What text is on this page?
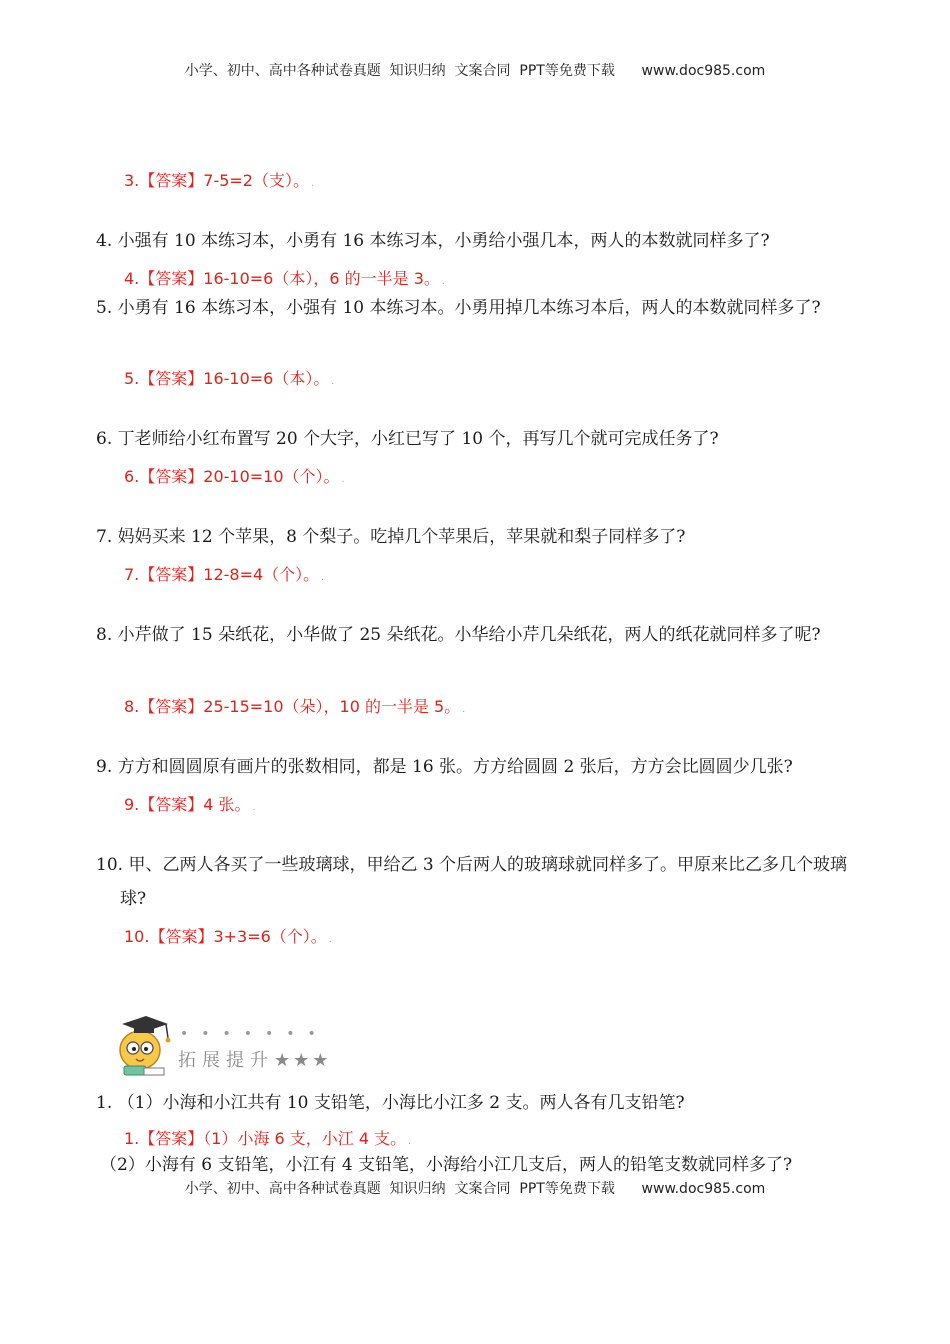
小学、初中、高中各种试卷真题  知识归纳  文案合同  PPT等免费下载      www.doc985.com
3.【答案】7-5=2（支）。 .

4. 小强有 10 本练习本，小勇有 16 本练习本，小勇给小强几本，两人的本数就同样多了?

4.【答案】16-10=6（本），6 的一半是 3。 .

5. 小勇有 16 本练习本，小强有 10 本练习本。小勇用掉几本练习本后，两人的本数就同样多了?

5.【答案】16-10=6（本）。 .

6. 丁老师给小红布置写 20 个大字，小红已写了 10 个，再写几个就可完成任务了?

6.【答案】20-10=10（个）。 .

7. 妈妈买来 12 个苹果，8 个梨子。吃掉几个苹果后，苹果就和梨子同样多了?

7.【答案】12-8=4（个）。 .

8. 小芹做了 15 朵纸花，小华做了 25 朵纸花。小华给小芹几朵纸花，两人的纸花就同样多了呢?

8.【答案】25-15=10（朵），10 的一半是 5。 .

9. 方方和圆圆原有画片的张数相同，都是 16 张。方方给圆圆 2 张后，方方会比圆圆少几张?

9.【答案】4 张。 .

10. 甲、乙两人各买了一些玻璃球，甲给乙 3 个后两人的玻璃球就同样多了。甲原来比乙多几个玻璃球?

10.【答案】3+3=6（个）。 .
•••••••
拓展提升★★★

1. （1）小海和小江共有 10 支铅笔，小海比小江多 2 支。两人各有几支铅笔?

1.【答案】（1）小海 6 支，小江 4 支。 .
（2）小海有 6 支铅笔，小江有 4 支铅笔，小海给小江几支后，两人的铅笔支数就同样多了?
小学、初中、高中各种试卷真题  知识归纳  文案合同  PPT等免费下载      www.doc985.com
